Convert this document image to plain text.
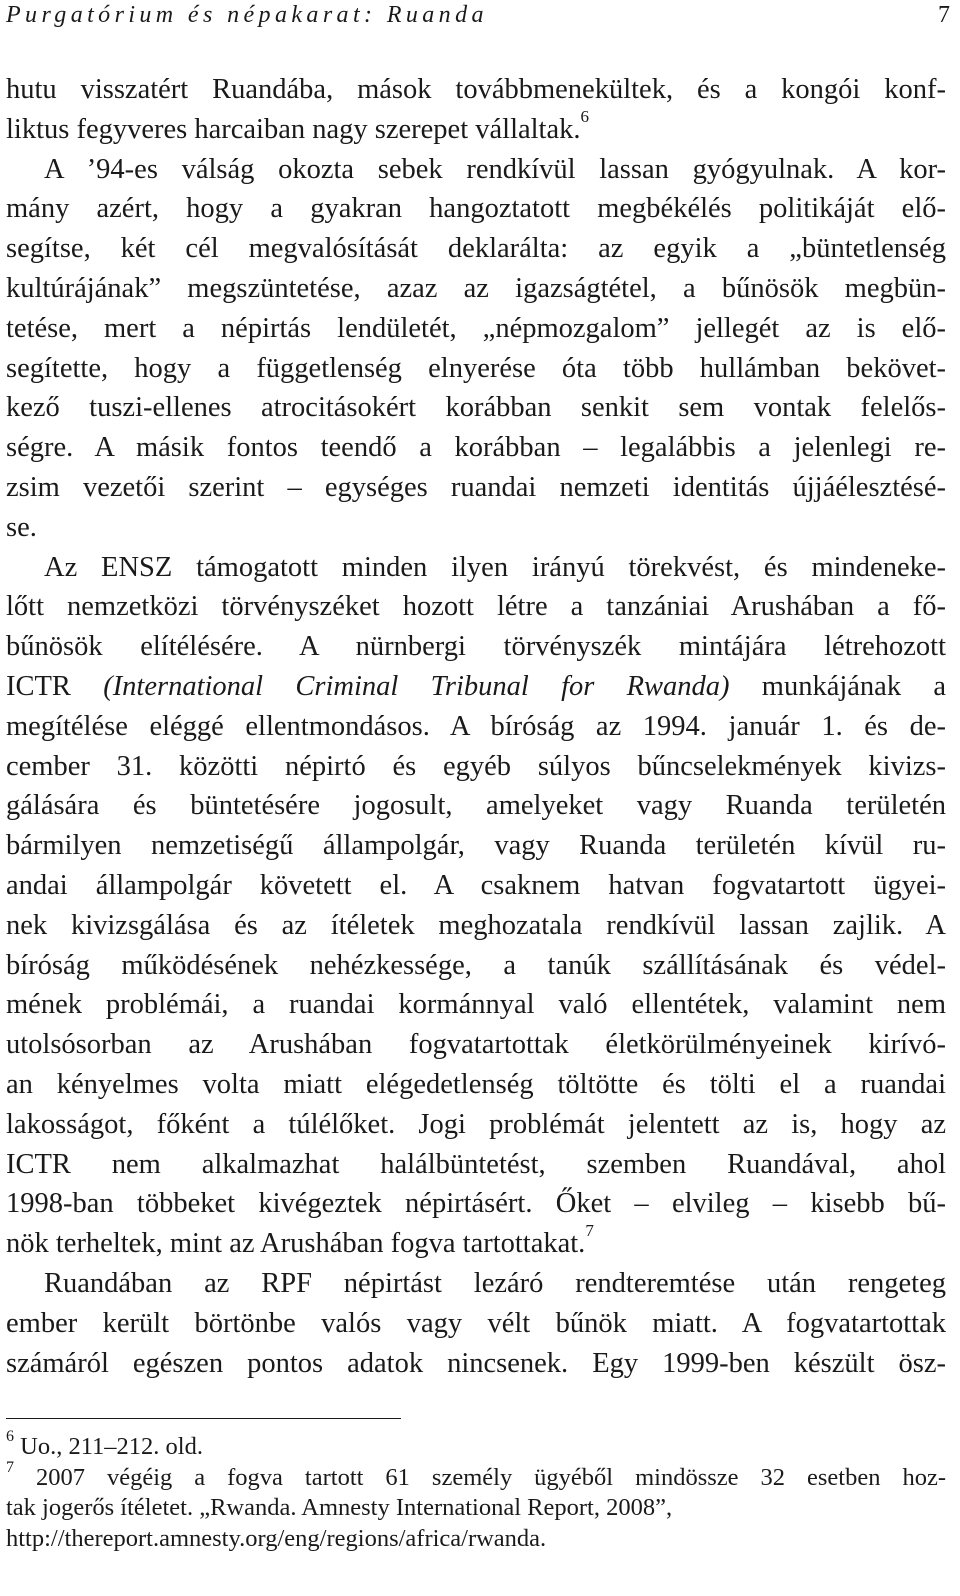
Purgatórium és népakarat: Ruanda	7
hutu visszatért Ruandába, mások továbbmenekültek, és a kongói konf-
liktus fegyveres harcaiban nagy szerepet vállaltak.$^6$
A ’94-es válság okozta sebek rendkívül lassan gyógyulnak. A kor-
mány azért, hogy a gyakran hangoztatott megbékélés politikáját elő-
segítse, két cél megvalósítását deklarálta: az egyik a „büntetlenség
kultúrájának” megszüntetése, azaz az igazságtétel, a bűnösök megbün-
tetése, mert a népirtás lendületét, „népmozgalom” jellegét az is elő-
segítette, hogy a függetlenség elnyerése óta több hullámban bekövet-
kező tuszi-ellenes atrocitásokért korábban senkit sem vontak felelős-
ségre. A másik fontos teendő a korábban – legalábbis a jelenlegi re-
zsim vezetői szerint – egységes ruandai nemzeti identitás újjáélesztésé-
se.
Az ENSZ támogatott minden ilyen irányú törekvést, és mindeneke-
lőtt nemzetközi törvényszéket hozott létre a tanzániai Arushában a fő-
bűnösök elítélésére. A nürnbergi törvényszék mintájára létrehozott
ICTR (International Criminal Tribunal for Rwanda) munkájának a
megítélése eléggé ellentmondásos. A bíróság az 1994. január 1. és de-
cember 31. közötti népirtó és egyéb súlyos bűncselekmények kivizs-
gálására és büntetésére jogosult, amelyeket vagy Ruanda területén
bármilyen nemzetiségű állampolgár, vagy Ruanda területén kívül ru-
andai állampolgár követett el. A csaknem hatvan fogvatartott ügyei-
nek kivizsgálása és az ítéletek meghozatala rendkívül lassan zajlik. A
bíróság működésének nehézkessége, a tanúk szállításának és védel-
mének problémái, a ruandai kormánnyal való ellentétek, valamint nem
utolsósorban az Arushában fogvatartottak életkörülményeinek kirívó-
an kényelmes volta miatt elégedetlenség töltötte és tölti el a ruandai
lakosságot, főként a túlélőket. Jogi problémát jelentett az is, hogy az
ICTR nem alkalmazhat halálbüntetést, szemben Ruandával, ahol
1998-ban többeket kivégeztek népirtásért. Őket – elvileg – kisebb bű-
nök terheltek, mint az Arushában fogva tartottakat.$^7$
Ruandában az RPF népirtást lezáró rendteremtése után rengeteg
ember került börtönbe valós vagy vélt bűnök miatt. A fogvatartottak
számáról egészen pontos adatok nincsenek. Egy 1999-ben készült ösz-
$^6$ Uo., 211–212. old.
$^7$ 2007 végéig a fogva tartott 61 személy ügyéből mindössze 32 esetben hoz-
tak jogerős ítéletet. „Rwanda. Amnesty International Report, 2008”,
http://thereport.amnesty.org/eng/regions/africa/rwanda.
